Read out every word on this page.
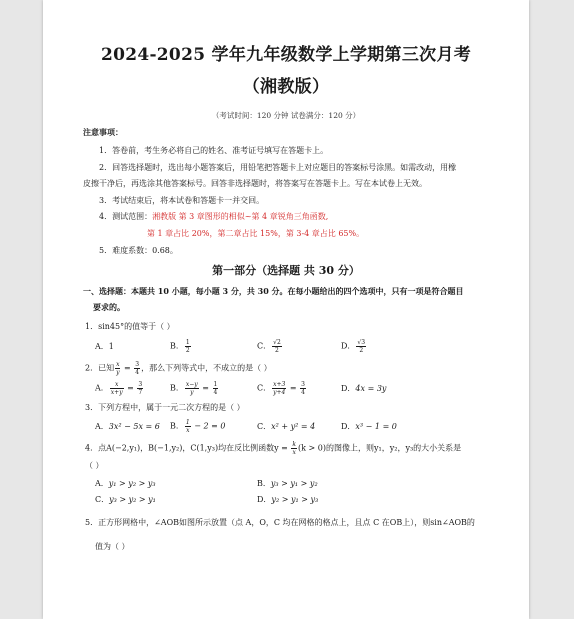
2024-2025 学年九年级数学上学期第三次月考
（湘教版）
（考试时间：120 分钟 试卷满分：120 分）
注意事项：
1．答卷前，考生务必将自己的姓名、准考证号填写在答题卡上。
2．回答选择题时，选出每小题答案后，用铅笔把答题卡上对应题目的答案标号涂黑。如需改动，用橡
皮擦干净后，再选涂其他答案标号。回答非选择题时，将答案写在答题卡上。写在本试卷上无效。
3．考试结束后，将本试卷和答题卡一并交回。
4．测试范围：湘教版 第 3 章图形的相似~第 4 章锐角三角函数,
第 1 章占比 20%，第二章占比 15%，第 3-4 章占比 65%。
5．难度系数：0.68。
第一部分（选择题 共 30 分）
一、选择题：本题共 10 小题，每小题 3 分，共 30 分。在每小题给出的四个选项中，只有一项是符合题目
要求的。
1．sin45°的值等于（ ）
A．1	B． $\frac{1}{2}$	C． $\frac{√2}{2}$	D． $\frac{√3}{2}$
2．已知 $\frac{x}{y} = \frac{3}{4}$ ，那么下列等式中，不成立的是（ ）
A． $\frac{x}{x+y} = \frac{3}{7}$	B． $\frac{x-y}{y} = \frac{1}{4}$	C． $\frac{x+3}{y+4} = \frac{3}{4}$	D．4x = 3y
3．下列方程中，属于一元二次方程的是（ ）
A．3x² − 5x = 6 B． $\frac{1}{x} - 2 = 0$	C．x² + y² = 4	D．x³ − 1 = 0
4．点A(−2,y₁)，B(−1,y₂)，C(1,y₃)均在反比例函数$y = \frac{k}{x} (k > 0)$的图像上，则y₁，y₂，y₃的大小关系是
（ ）
A．y₁ > y₂ > y₃	B．y₃ > y₁ > y₂
C．y₃ > y₂ > y₁	D．y₂ > y₁ > y₃
5．正方形网格中，∠AOB如图所示放置（点 A，O，C 均在网格的格点上，且点 C 在OB上），则sin∠AOB的
值为（ ）
